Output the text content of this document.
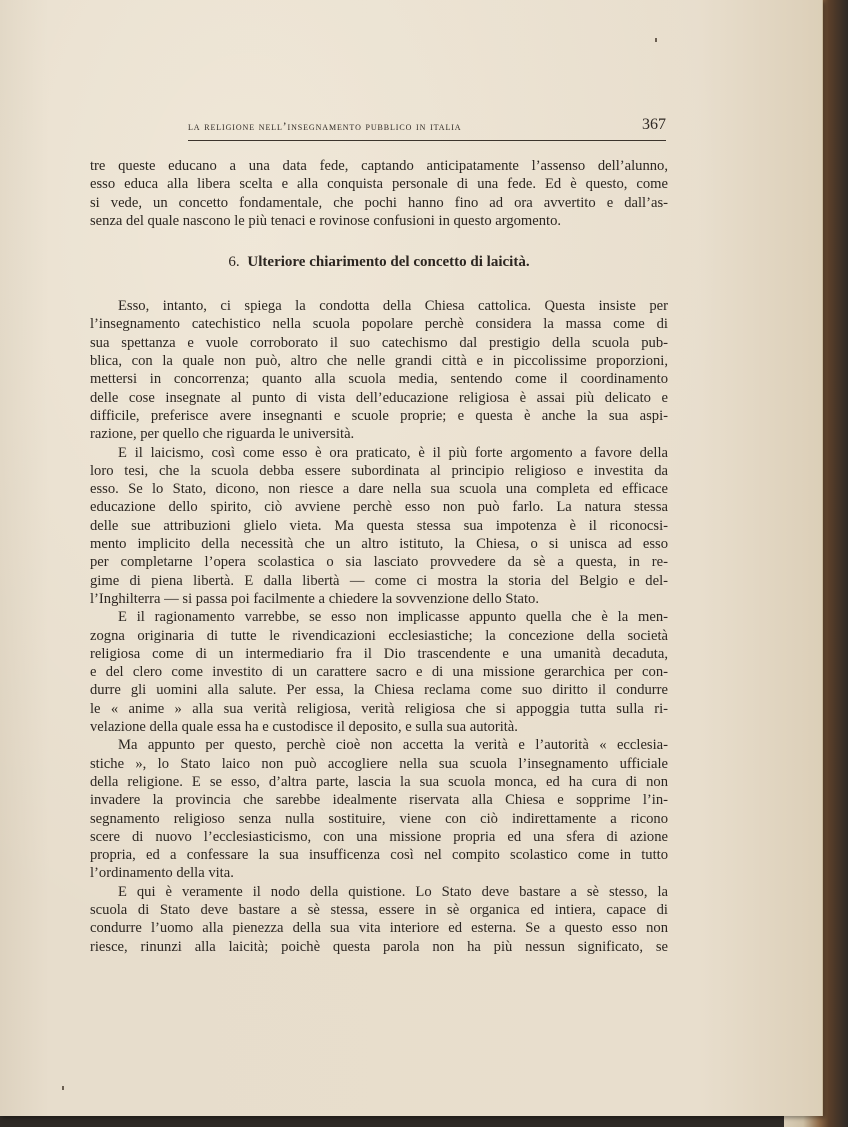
la religione nell’insegnamento pubblico in italia	367
tre queste educano a una data fede, captando anticipatamente l’assenso dell’alunno,
esso educa alla libera scelta e alla conquista personale di una fede. Ed è questo, come
si vede, un concetto fondamentale, che pochi hanno fino ad ora avvertito e dall’as-
senza del quale nascono le più tenaci e rovinose confusioni in questo argomento.
6. Ulteriore chiarimento del concetto di laicità.
Esso, intanto, ci spiega la condotta della Chiesa cattolica. Questa insiste per
l’insegnamento catechistico nella scuola popolare perchè considera la massa come di
sua spettanza e vuole corroborato il suo catechismo dal prestigio della scuola pub-
blica, con la quale non può, altro che nelle grandi città e in piccolissime proporzioni,
mettersi in concorrenza; quanto alla scuola media, sentendo come il coordinamento
delle cose insegnate al punto di vista dell’educazione religiosa è assai più delicato e
difficile, preferisce avere insegnanti e scuole proprie; e questa è anche la sua aspi-
razione, per quello che riguarda le università.
E il laicismo, così come esso è ora praticato, è il più forte argomento a favore della
loro tesi, che la scuola debba essere subordinata al principio religioso e investita da
esso. Se lo Stato, dicono, non riesce a dare nella sua scuola una completa ed efficace
educazione dello spirito, ciò avviene perchè esso non può farlo. La natura stessa
delle sue attribuzioni glielo vieta. Ma questa stessa sua impotenza è il riconocsi-
mento implicito della necessità che un altro istituto, la Chiesa, o si unisca ad esso
per completarne l’opera scolastica o sia lasciato provvedere da sè a questa, in re-
gime di piena libertà. E dalla libertà — come ci mostra la storia del Belgio e del-
l’Inghilterra — si passa poi facilmente a chiedere la sovvenzione dello Stato.
E il ragionamento varrebbe, se esso non implicasse appunto quella che è la men-
zogna originaria di tutte le rivendicazioni ecclesiastiche; la concezione della società
religiosa come di un intermediario fra il Dio trascendente e una umanità decaduta,
e del clero come investito di un carattere sacro e di una missione gerarchica per con-
durre gli uomini alla salute. Per essa, la Chiesa reclama come suo diritto il condurre
le « anime » alla sua verità religiosa, verità religiosa che si appoggia tutta sulla ri-
velazione della quale essa ha e custodisce il deposito, e sulla sua autorità.
Ma appunto per questo, perchè cioè non accetta la verità e l’autorità « ecclesia-
stiche », lo Stato laico non può accogliere nella sua scuola l’insegnamento ufficiale
della religione. E se esso, d’altra parte, lascia la sua scuola monca, ed ha cura di non
invadere la provincia che sarebbe idealmente riservata alla Chiesa e sopprime l’in-
segnamento religioso senza nulla sostituire, viene con ciò indirettamente a ricono
scere di nuovo l’ecclesiasticismo, con una missione propria ed una sfera di azione
propria, ed a confessare la sua insufficenza così nel compito scolastico come in tutto
l’ordinamento della vita.
E qui è veramente il nodo della quistione. Lo Stato deve bastare a sè stesso, la
scuola di Stato deve bastare a sè stessa, essere in sè organica ed intiera, capace di
condurre l’uomo alla pienezza della sua vita interiore ed esterna. Se a questo esso non
riesce, rinunzi alla laicità; poichè questa parola non ha più nessun significato, se
